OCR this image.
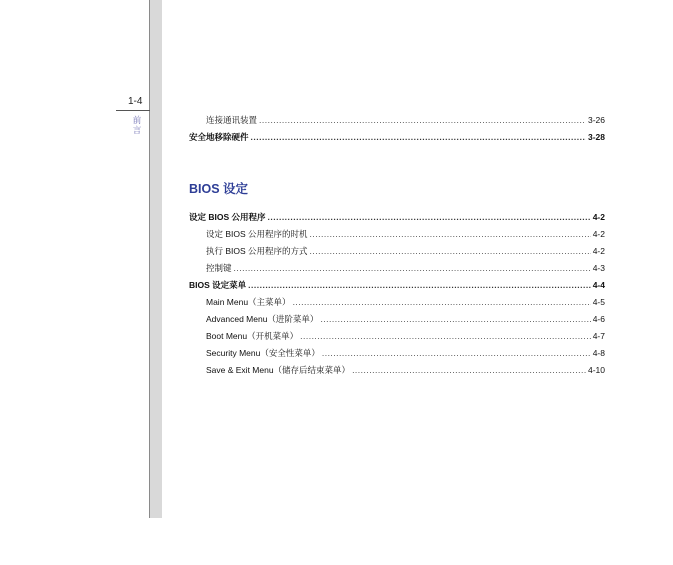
1-4
前言
连接通讯装置 .....	3-26
安全地移除硬件 .....	3-28
BIOS 设定
设定 BIOS 公用程序 .....	4-2
设定 BIOS 公用程序的时机 .....	4-2
执行 BIOS 公用程序的方式 .....	4-2
控制键 .....	4-3
BIOS 设定菜单 .....	4-4
Main Menu（主菜单） .....	4-5
Advanced Menu（进阶菜单） .....	4-6
Boot Menu（开机菜单） .....	4-7
Security Menu（安全性菜单） .....	4-8
Save & Exit Menu（储存后结束菜单） .....	4-10
